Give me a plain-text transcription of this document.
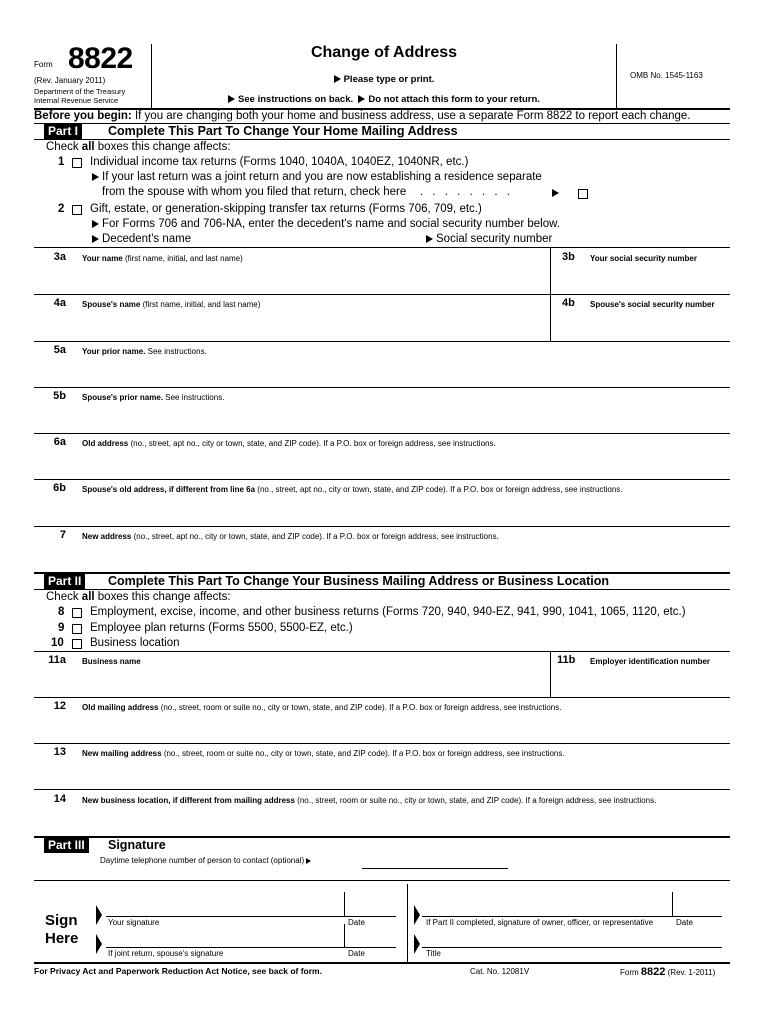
Form 8822
(Rev. January 2011)
Department of the Treasury
Internal Revenue Service
Change of Address
Please type or print.
See instructions on back. Do not attach this form to your return.
OMB No. 1545-1163
Before you begin: If you are changing both your home and business address, use a separate Form 8822 to report each change.
Part I	Complete This Part To Change Your Home Mailing Address
Check all boxes this change affects:
1 Individual income tax returns (Forms 1040, 1040A, 1040EZ, 1040NR, etc.)
If your last return was a joint return and you are now establishing a residence separate
from the spouse with whom you filed that return, check here . . . . . . . .
2 Gift, estate, or generation-skipping transfer tax returns (Forms 706, 709, etc.)
For Forms 706 and 706-NA, enter the decedent's name and social security number below.
Decedent's name	Social security number
3a Your name (first name, initial, and last name)	3b Your social security number
4a Spouse's name (first name, initial, and last name)	4b Spouse's social security number
5a Your prior name. See instructions.
5b Spouse's prior name. See instructions.
6a Old address (no., street, apt no., city or town, state, and ZIP code). If a P.O. box or foreign address, see instructions.
6b Spouse's old address, if different from line 6a (no., street, apt no., city or town, state, and ZIP code). If a P.O. box or foreign address, see instructions.
7 New address (no., street, apt no., city or town, state, and ZIP code). If a P.O. box or foreign address, see instructions.
Part II	Complete This Part To Change Your Business Mailing Address or Business Location
Check all boxes this change affects:
8 Employment, excise, income, and other business returns (Forms 720, 940, 940-EZ, 941, 990, 1041, 1065, 1120, etc.)
9 Employee plan returns (Forms 5500, 5500-EZ, etc.)
10 Business location
11a Business name	11b Employer identification number
12 Old mailing address (no., street, room or suite no., city or town, state, and ZIP code). If a P.O. box or foreign address, see instructions.
13 New mailing address (no., street, room or suite no., city or town, state, and ZIP code). If a P.O. box or foreign address, see instructions.
14 New business location, if different from mailing address (no., street, room or suite no., city or town, state, and ZIP code). If a foreign address, see instructions.
Part III	Signature
Daytime telephone number of person to contact (optional)
Sign
Here
Your signature	Date	If Part II completed, signature of owner, officer, or representative	Date
If joint return, spouse's signature	Date	Title
For Privacy Act and Paperwork Reduction Act Notice, see back of form.	Cat. No. 12081V	Form 8822 (Rev. 1-2011)
